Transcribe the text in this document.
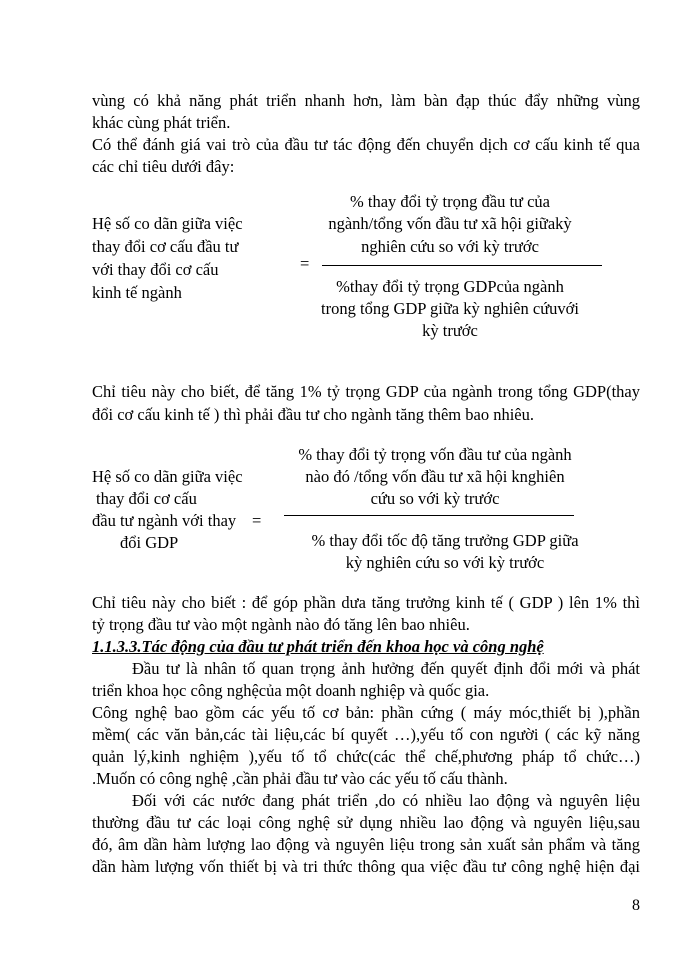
vùng có khả năng phát triển nhanh hơn, làm bàn đạp thúc đẩy những vùng
khác cùng phát triển.
Có thể đánh giá vai trò của đầu tư tác động đến chuyển dịch cơ cấu kinh tế qua
các chỉ tiêu dưới đây:
Hệ số co dãn giữa việc
thay đổi cơ cấu đầu tư
với thay đổi cơ cấu
kinh tế ngành
=
% thay đổi tỷ trọng đầu tư của
ngành/tổng vốn đầu tư xã hội giữakỳ
nghiên cứu so với kỳ trước
%thay đổi tỷ trọng GDPcủa ngành
trong tổng GDP giữa kỳ nghiên cứuvới
kỳ trước
Chỉ tiêu này cho biết, để tăng 1% tỷ trọng GDP của ngành trong tổng GDP(thay
đổi cơ cấu kinh tế ) thì phải đầu tư cho ngành tăng thêm bao nhiêu.
Hệ số co dãn giữa việc
thay đổi cơ cấu
đầu tư ngành với thay
đổi GDP
=
% thay đổi tỷ trọng vốn đầu tư của ngành
nào đó /tổng vốn đầu tư xã hội knghiên
cứu so với kỳ trước
% thay đổi tốc độ tăng trưởng GDP giữa
kỳ nghiên cứu so với kỳ trước
Chỉ tiêu này cho biết : để góp phần dưa tăng trưởng kinh tế ( GDP ) lên 1% thì
tỷ trọng đầu tư vào một ngành nào đó tăng lên bao nhiêu.
1.1.3.3.Tác động của đầu tư phát triển đến khoa học và công nghệ
Đầu tư là nhân tố quan trọng ảnh hưởng đến quyết định đổi mới và phát
triển khoa học công nghệcủa một doanh nghiệp và quốc gia.
Công nghệ bao gồm các yếu tố cơ bản: phần cứng ( máy móc,thiết bị ),phần
mềm( các văn bản,các tài liệu,các bí quyết …),yếu tố con người ( các kỹ năng
quản lý,kinh nghiệm ),yếu tố tổ chức(các thể chế,phương pháp tổ chức…)
.Muốn có công nghệ ,cần phải đầu tư vào các yếu tố cấu thành.
Đối với các nước đang phát triển ,do có nhiều lao động và nguyên liệu
thường đầu tư các loại công nghệ sử dụng nhiều lao động và nguyên liệu,sau
đó, âm dần hàm lượng lao động và nguyên liệu trong sản xuất sản phẩm và tăng
dần hàm lượng vốn thiết bị và tri thức thông qua việc đầu tư công nghệ hiện đại
8
